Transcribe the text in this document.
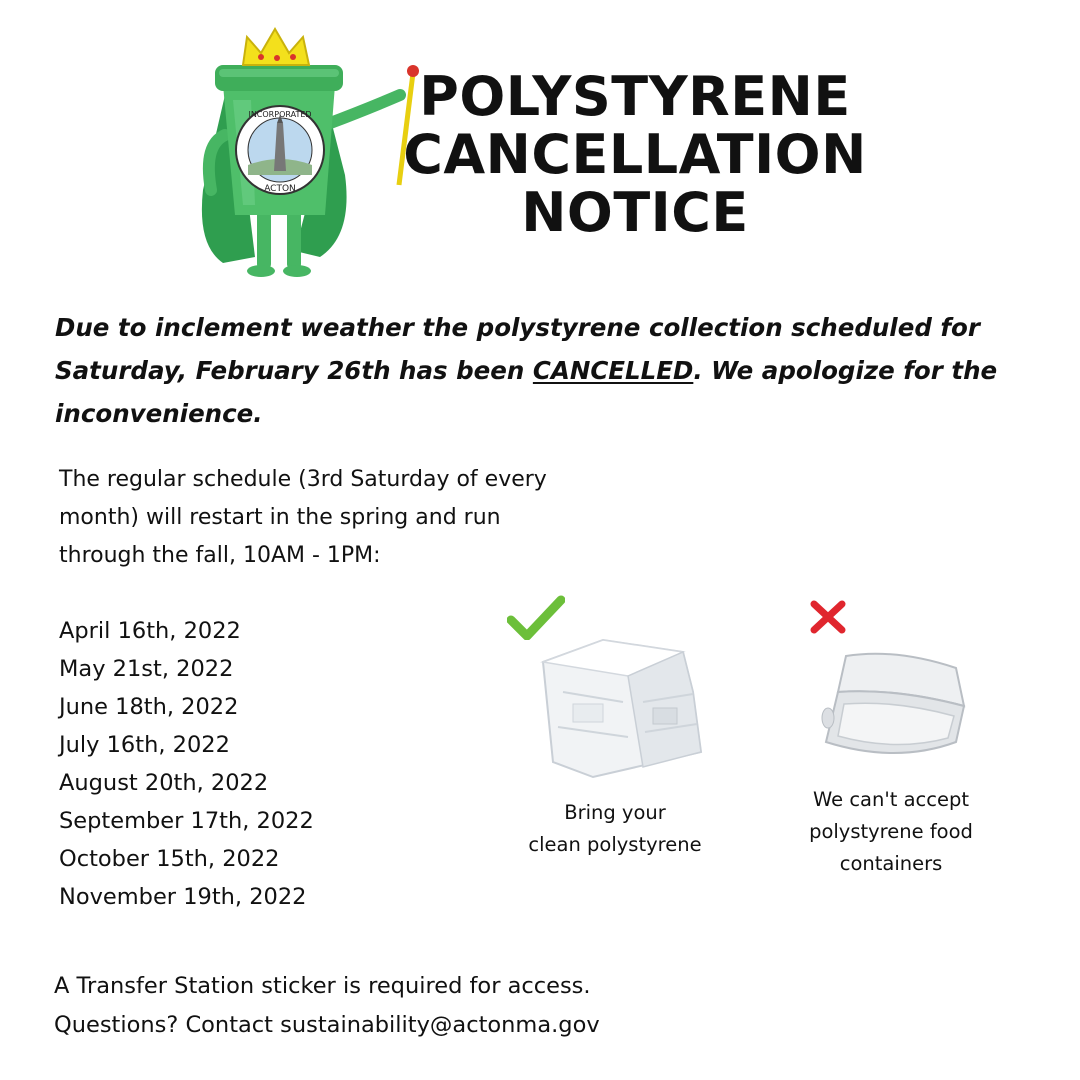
INCORPORATED
ACTON
POLYSTYRENE
CANCELLATION
NOTICE
Due to inclement weather the polystyrene collection scheduled for Saturday, February 26th has been CANCELLED. We apologize for the inconvenience.
The regular schedule (3rd Saturday of every
month) will restart in the spring and run
through the fall, 10AM - 1PM:
April 16th, 2022
May 21st, 2022
June 18th, 2022
July 16th, 2022
August 20th, 2022
September 17th, 2022
October 15th, 2022
November 19th, 2022
Bring your
clean polystyrene
We can't accept
polystyrene food
containers
A Transfer Station sticker is required for access.
Questions? Contact sustainability@actonma.gov
